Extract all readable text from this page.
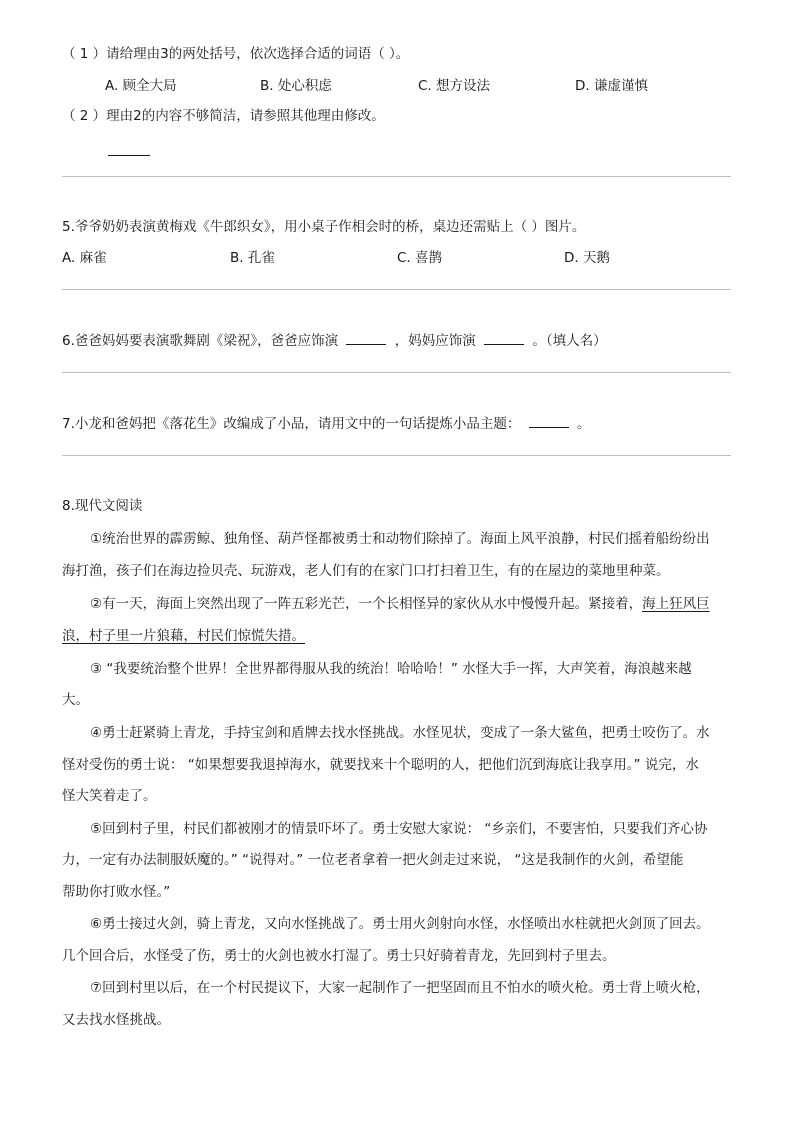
（ 1 ）请给理由3的两处括号，依次选择合适的词语（ ）。
A. 顾全大局	B. 处心积虑	C. 想方设法	D. 谦虚谨慎
（ 2 ）理由2的内容不够简洁，请参照其他理由修改。
5.爷爷奶奶表演黄梅戏《牛郎织女》，用小桌子作相会时的桥，桌边还需贴上（ ）图片。
A. 麻雀	B. 孔雀	C. 喜鹊	D. 天鹅
6.爸爸妈妈要表演歌舞剧《梁祝》，爸爸应饰演	，妈妈应饰演	。（填人名）
7.小龙和爸妈把《落花生》改编成了小品，请用文中的一句话提炼小品主题：	。
8.现代文阅读
①统治世界的霹雳鲸、独角怪、葫芦怪都被勇士和动物们除掉了。海面上风平浪静，村民们摇着船纷纷出
海打渔，孩子们在海边捡贝壳、玩游戏，老人们有的在家门口打扫着卫生，有的在屋边的菜地里种菜。
②有一天，海面上突然出现了一阵五彩光芒，一个长相怪异的家伙从水中慢慢升起。紧接着，海上狂风巨
浪，村子里一片狼藉，村民们惊慌失措。
③ “我要统治整个世界！全世界都得服从我的统治！哈哈哈！” 水怪大手一挥，大声笑着，海浪越来越
大。
④勇士赶紧骑上青龙，手持宝剑和盾牌去找水怪挑战。水怪见状，变成了一条大鲨鱼，把勇士咬伤了。水
怪对受伤的勇士说： “如果想要我退掉海水，就要找来十个聪明的人，把他们沉到海底让我享用。” 说完，水
怪大笑着走了。
⑤回到村子里，村民们都被刚才的情景吓坏了。勇士安慰大家说： “乡亲们，不要害怕，只要我们齐心协
力，一定有办法制服妖魔的。” “说得对。” 一位老者拿着一把火剑走过来说， “这是我制作的火剑，希望能
帮助你打败水怪。”
⑥勇士接过火剑，骑上青龙，又向水怪挑战了。勇士用火剑射向水怪，水怪喷出水柱就把火剑顶了回去。
几个回合后，水怪受了伤，勇士的火剑也被水打湿了。勇士只好骑着青龙，先回到村子里去。
⑦回到村里以后，在一个村民提议下，大家一起制作了一把坚固而且不怕水的喷火枪。勇士背上喷火枪，
又去找水怪挑战。
